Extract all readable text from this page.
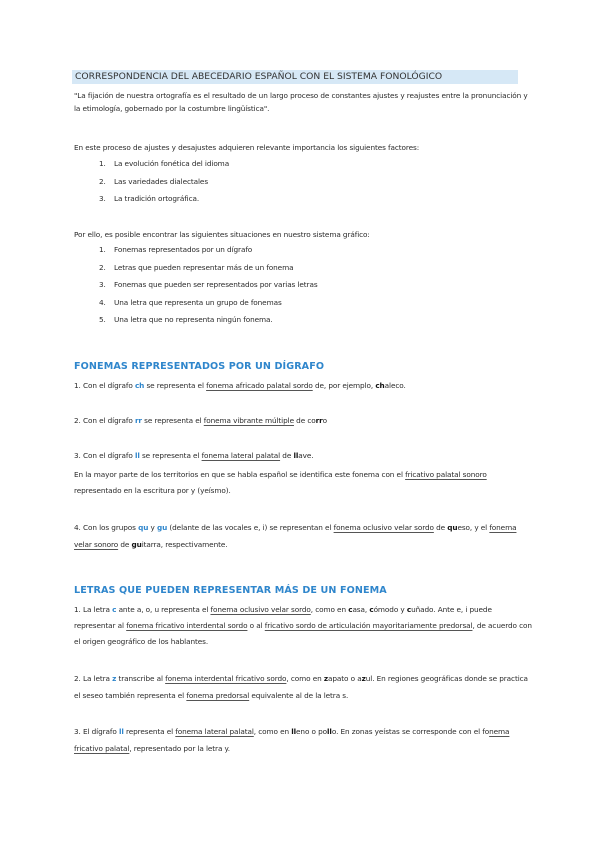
CORRESPONDENCIA DEL ABECEDARIO ESPAÑOL CON EL SISTEMA FONOLÓGICO
"La fijación de nuestra ortografía es el resultado de un largo proceso de constantes ajustes y reajustes entre la pronunciación y la etimología, gobernado por la costumbre lingüística".
En este proceso de ajustes y desajustes adquieren relevante importancia los siguientes factores:
1. La evolución fonética del idioma
2. Las variedades dialectales
3. La tradición ortográfica.
Por ello, es posible encontrar las siguientes situaciones en nuestro sistema gráfico:
1. Fonemas representados por un dígrafo
2. Letras que pueden representar más de un fonema
3. Fonemas que pueden ser representados por varias letras
4. Una letra que representa un grupo de fonemas
5. Una letra que no representa ningún fonema.
FONEMAS REPRESENTADOS POR UN DÍGRAFO

1. Con el dígrafo ch se representa el fonema africado palatal sordo de, por ejemplo, chaleco.

2. Con el dígrafo rr se representa el fonema vibrante múltiple de corro

3. Con el dígrafo ll se representa el fonema lateral palatal de llave.

En la mayor parte de los territorios en que se habla español se identifica este fonema con el fricativo palatal sonoro representado en la escritura por y (yeísmo).

4. Con los grupos qu y gu (delante de las vocales e, i) se representan el fonema oclusivo velar sordo de queso, y el fonema velar sonoro de guitarra, respectivamente.

LETRAS QUE PUEDEN REPRESENTAR MÁS DE UN FONEMA

1. La letra c ante a, o, u representa el fonema oclusivo velar sordo, como en casa, cómodo y cuñado. Ante e, i puede representar al fonema fricativo interdental sordo o al fricativo sordo de articulación mayoritariamente predorsal, de acuerdo con el origen geográfico de los hablantes.

2. La letra z transcribe al fonema interdental fricativo sordo, como en zapato o azul. En regiones geográficas donde se practica el seseo también representa el fonema predorsal equivalente al de la letra s.

3. El dígrafo ll representa el fonema lateral palatal, como en lleno o pollo. En zonas yeístas se corresponde con el fonema fricativo palatal, representado por la letra y.
